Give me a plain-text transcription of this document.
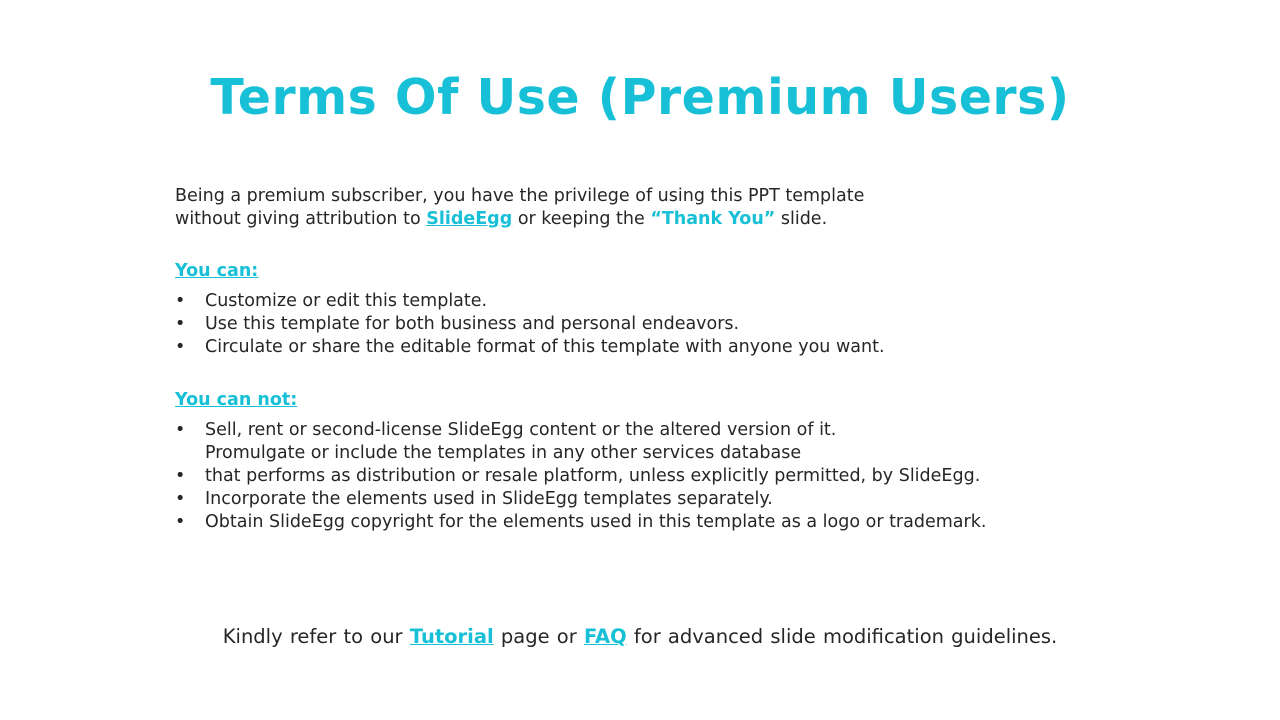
Terms Of Use (Premium Users)

Being a premium subscriber, you have the privilege of using this PPT template

without giving attribution to SlideEgg or keeping the “Thank You” slide.

You can:

• Customize or edit this template.
• Use this template for both business and personal endeavors.
• Circulate or share the editable format of this template with anyone you want.

You can not:

• Sell, rent or second-license SlideEgg content or the altered version of it.
Promulgate or include the templates in any other services database
• that performs as distribution or resale platform, unless explicitly permitted, by SlideEgg.
• Incorporate the elements used in SlideEgg templates separately.
• Obtain SlideEgg copyright for the elements used in this template as a logo or trademark.
Kindly refer to our Tutorial page or FAQ for advanced slide modification guidelines.
